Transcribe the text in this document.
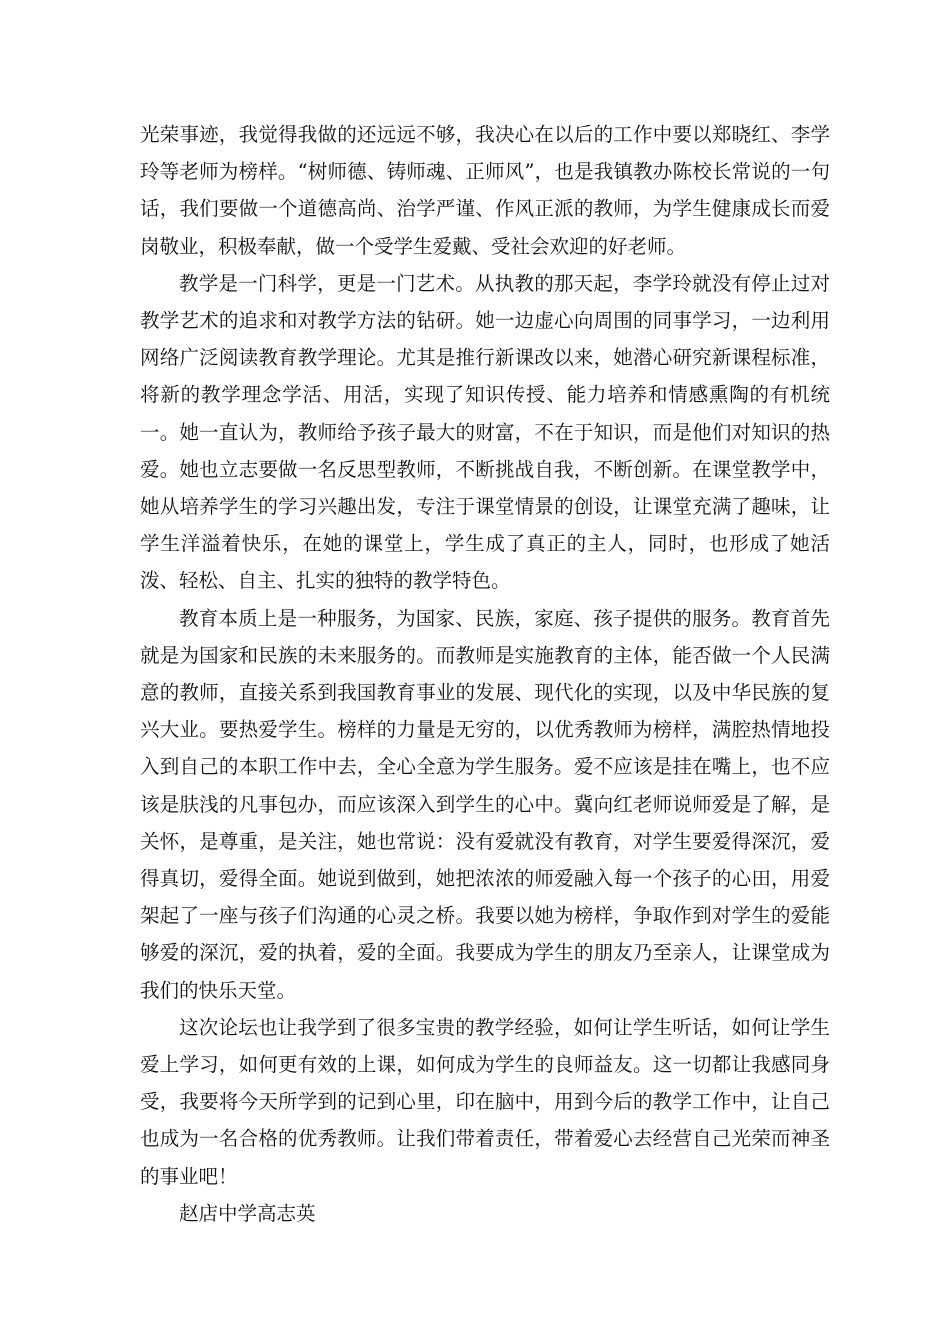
光荣事迹，我觉得我做的还远远不够，我决心在以后的工作中要以郑晓红、李学玲等老师为榜样。“树师德、铸师魂、正师风”，也是我镇教办陈校长常说的一句话，我们要做一个道德高尚、治学严谨、作风正派的教师，为学生健康成长而爱岗敬业，积极奉献，做一个受学生爱戴、受社会欢迎的好老师。

教学是一门科学，更是一门艺术。从执教的那天起，李学玲就没有停止过对教学艺术的追求和对教学方法的钻研。她一边虚心向周围的同事学习，一边利用网络广泛阅读教育教学理论。尤其是推行新课改以来，她潜心研究新课程标准，将新的教学理念学活、用活，实现了知识传授、能力培养和情感熏陶的有机统一。她一直认为，教师给予孩子最大的财富，不在于知识，而是他们对知识的热爱。她也立志要做一名反思型教师，不断挑战自我，不断创新。在课堂教学中，她从培养学生的学习兴趣出发，专注于课堂情景的创设，让课堂充满了趣味，让学生洋溢着快乐，在她的课堂上，学生成了真正的主人，同时，也形成了她活泼、轻松、自主、扎实的独特的教学特色。

教育本质上是一种服务，为国家、民族，家庭、孩子提供的服务。教育首先就是为国家和民族的未来服务的。而教师是实施教育的主体，能否做一个人民满意的教师，直接关系到我国教育事业的发展、现代化的实现，以及中华民族的复兴大业。要热爱学生。榜样的力量是无穷的，以优秀教师为榜样，满腔热情地投入到自己的本职工作中去，全心全意为学生服务。爱不应该是挂在嘴上，也不应该是肤浅的凡事包办，而应该深入到学生的心中。冀向红老师说师爱是了解，是关怀，是尊重，是关注，她也常说：没有爱就没有教育，对学生要爱得深沉，爱得真切，爱得全面。她说到做到，她把浓浓的师爱融入每一个孩子的心田，用爱架起了一座与孩子们沟通的心灵之桥。我要以她为榜样，争取作到对学生的爱能够爱的深沉，爱的执着，爱的全面。我要成为学生的朋友乃至亲人，让课堂成为我们的快乐天堂。

这次论坛也让我学到了很多宝贵的教学经验，如何让学生听话，如何让学生爱上学习，如何更有效的上课，如何成为学生的良师益友。这一切都让我感同身受，我要将今天所学到的记到心里，印在脑中，用到今后的教学工作中，让自己也成为一名合格的优秀教师。让我们带着责任，带着爱心去经营自己光荣而神圣的事业吧！

赵店中学高志英
